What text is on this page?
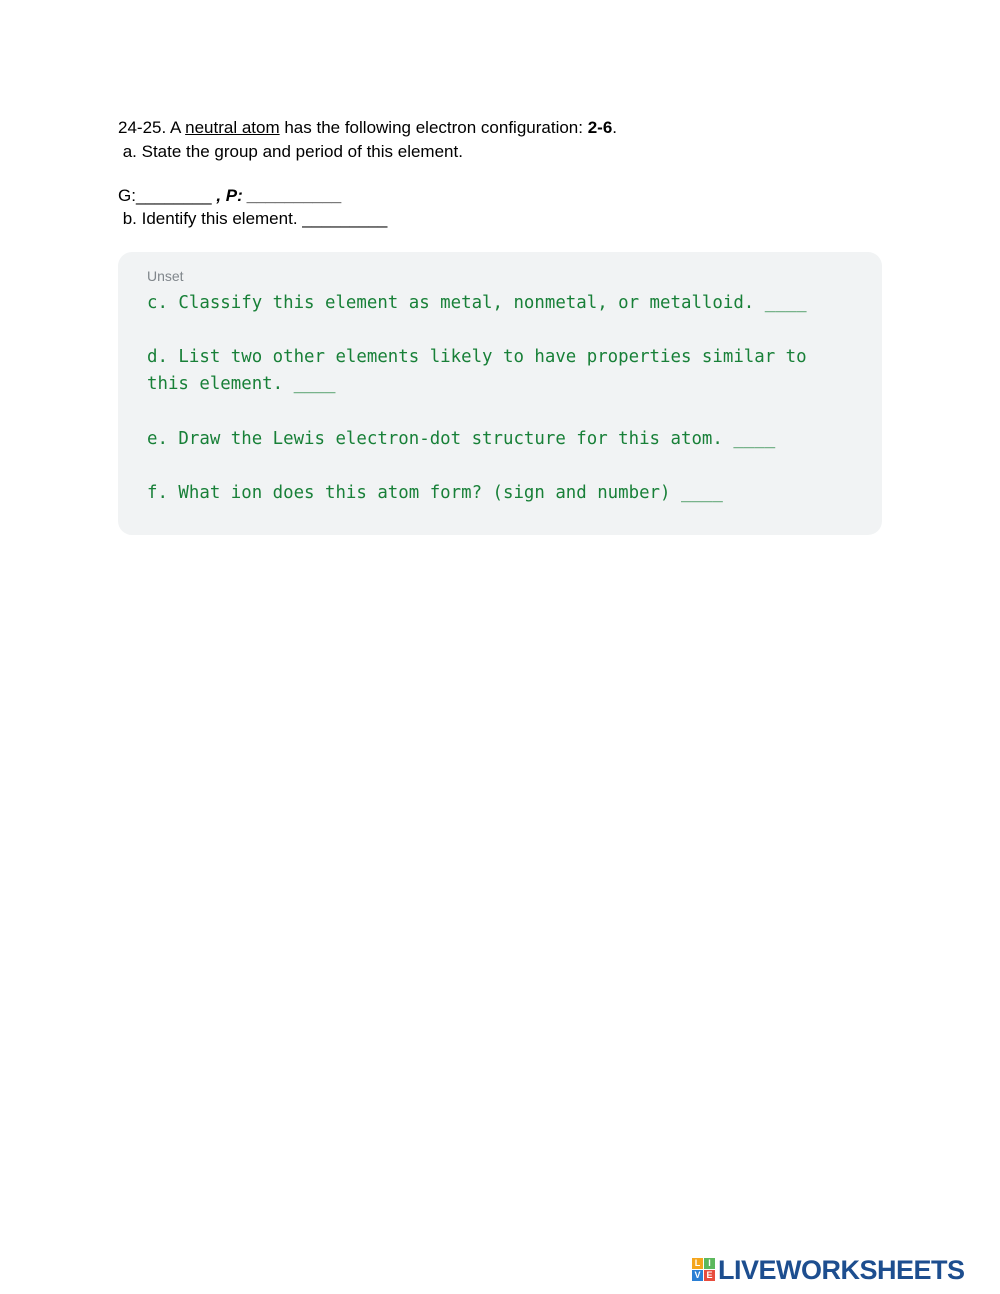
24-25. A neutral atom has the following electron configuration: 2-6.
a. State the group and period of this element.
G:________ , P: __________
b. Identify this element. _________
Unset
c. Classify this element as metal, nonmetal, or metalloid. ____
d. List two other elements likely to have properties similar to
this element. ____
e. Draw the Lewis electron-dot structure for this atom. ____
f. What ion does this atom form? (sign and number) ____
L I
V E LIVEWORKSHEETS
